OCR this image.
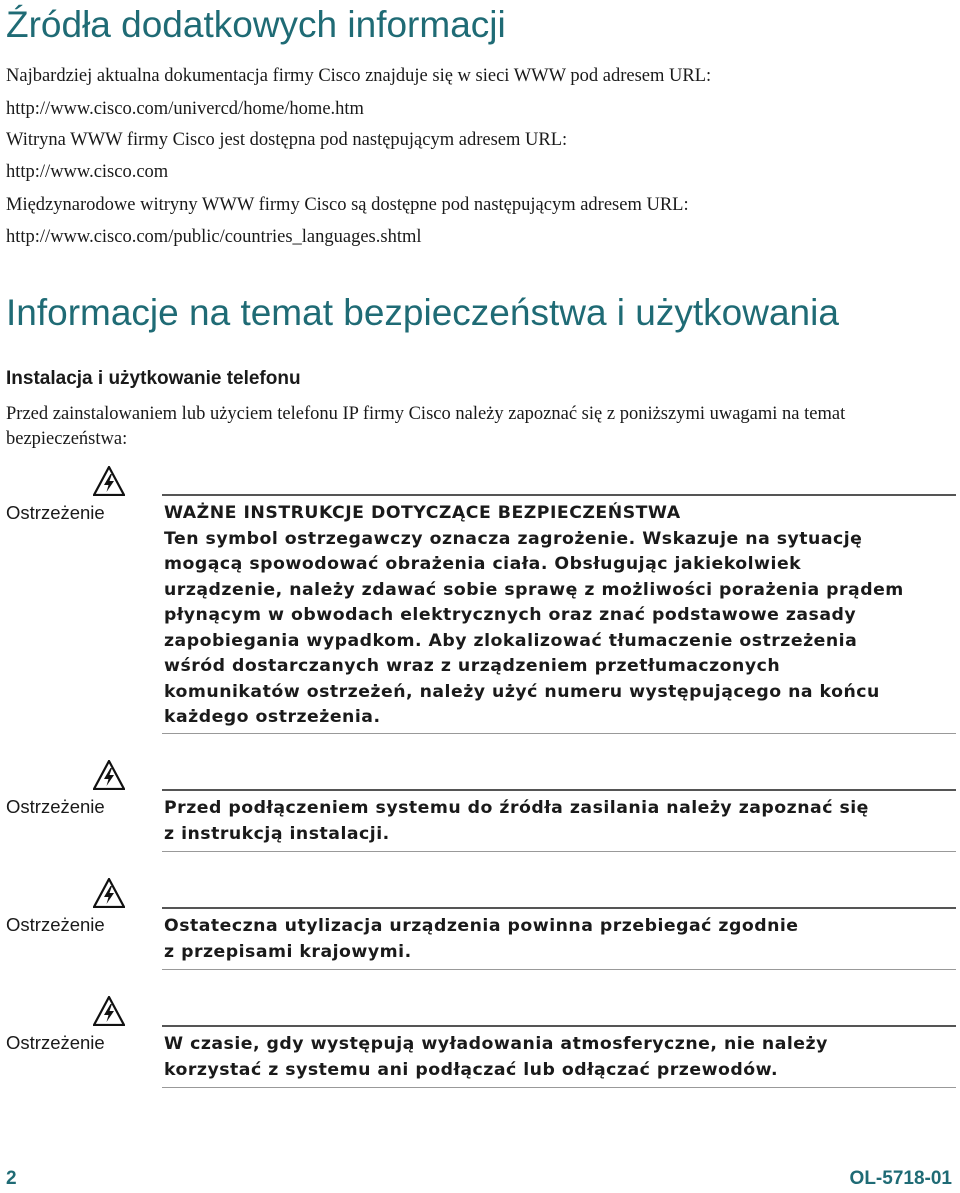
Źródła dodatkowych informacji

Najbardziej aktualna dokumentacja firmy Cisco znajduje się w sieci WWW pod adresem URL:

http://www.cisco.com/univercd/home/home.htm

Witryna WWW firmy Cisco jest dostępna pod następującym adresem URL:

http://www.cisco.com

Międzynarodowe witryny WWW firmy Cisco są dostępne pod następującym adresem URL:

http://www.cisco.com/public/countries_languages.shtml

Informacje na temat bezpieczeństwa i użytkowania
Instalacja i użytkowanie telefonu

Przed zainstalowaniem lub użyciem telefonu IP firmy Cisco należy zapoznać się z poniższymi uwagami na temat bezpieczeństwa:

Ostrzeżenie	WAŻNE INSTRUKCJE DOTYCZĄCE BEZPIECZEŃSTWA
Ten symbol ostrzegawczy oznacza zagrożenie. Wskazuje na sytuację
mogącą spowodować obrażenia ciała. Obsługując jakiekolwiek
urządzenie, należy zdawać sobie sprawę z możliwości porażenia prądem
płynącym w obwodach elektrycznych oraz znać podstawowe zasady
zapobiegania wypadkom. Aby zlokalizować tłumaczenie ostrzeżenia
wśród dostarczanych wraz z urządzeniem przetłumaczonych
komunikatów ostrzeżeń, należy użyć numeru występującego na końcu
każdego ostrzeżenia.
Ostrzeżenie	Przed podłączeniem systemu do źródła zasilania należy zapoznać się
z instrukcją instalacji.
Ostrzeżenie	Ostateczna utylizacja urządzenia powinna przebiegać zgodnie
z przepisami krajowymi.
Ostrzeżenie	W czasie, gdy występują wyładowania atmosferyczne, nie należy
korzystać z systemu ani podłączać lub odłączać przewodów.
2	OL-5718-01
